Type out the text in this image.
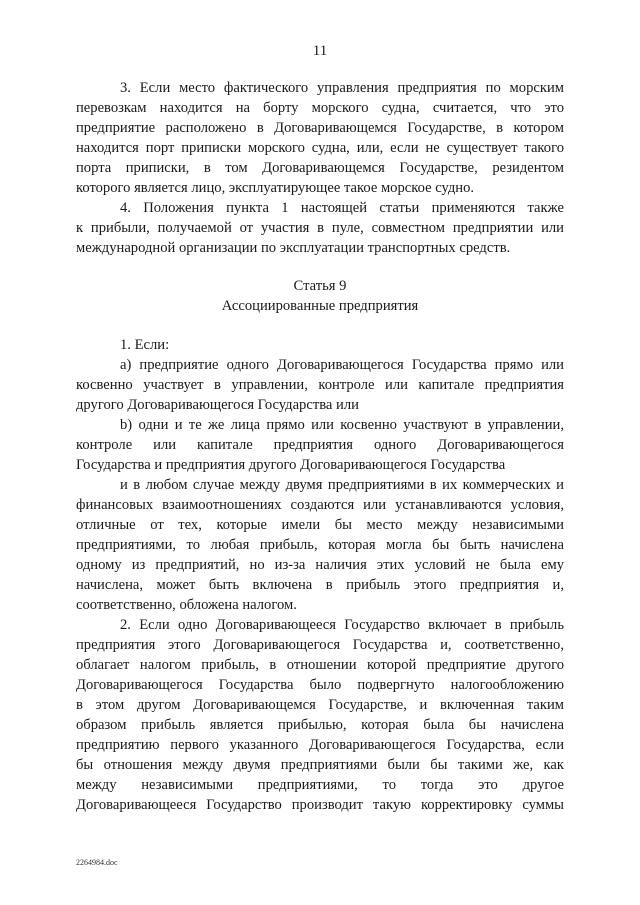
11
3. Если место фактического управления предприятия по морским
перевозкам находится на борту морского судна, считается, что это
предприятие расположено в Договаривающемся Государстве, в котором
находится порт приписки морского судна, или, если не существует такого
порта приписки, в том Договаривающемся Государстве, резидентом
которого является лицо, эксплуатирующее такое морское судно.
4. Положения пункта 1 настоящей статьи применяются также
к прибыли, получаемой от участия в пуле, совместном предприятии или
международной организации по эксплуатации транспортных средств.
Статья 9
Ассоциированные предприятия
1. Если:
a) предприятие одного Договаривающегося Государства прямо или
косвенно участвует в управлении, контроле или капитале предприятия
другого Договаривающегося Государства или
b) одни и те же лица прямо или косвенно участвуют в управлении,
контроле или капитале предприятия одного Договаривающегося
Государства и предприятия другого Договаривающегося Государства
и в любом случае между двумя предприятиями в их коммерческих и
финансовых взаимоотношениях создаются или устанавливаются условия,
отличные от тех, которые имели бы место между независимыми
предприятиями, то любая прибыль, которая могла бы быть начислена
одному из предприятий, но из-за наличия этих условий не была ему
начислена, может быть включена в прибыль этого предприятия и,
соответственно, обложена налогом.
2. Если одно Договаривающееся Государство включает в прибыль
предприятия этого Договаривающегося Государства и, соответственно,
облагает налогом прибыль, в отношении которой предприятие другого
Договаривающегося Государства было подвергнуто налогообложению
в этом другом Договаривающемся Государстве, и включенная таким
образом прибыль является прибылью, которая была бы начислена
предприятию первого указанного Договаривающегося Государства, если
бы отношения между двумя предприятиями были бы такими же, как
между независимыми предприятиями, то тогда это другое
Договаривающееся Государство производит такую корректировку суммы
2264984.doc
